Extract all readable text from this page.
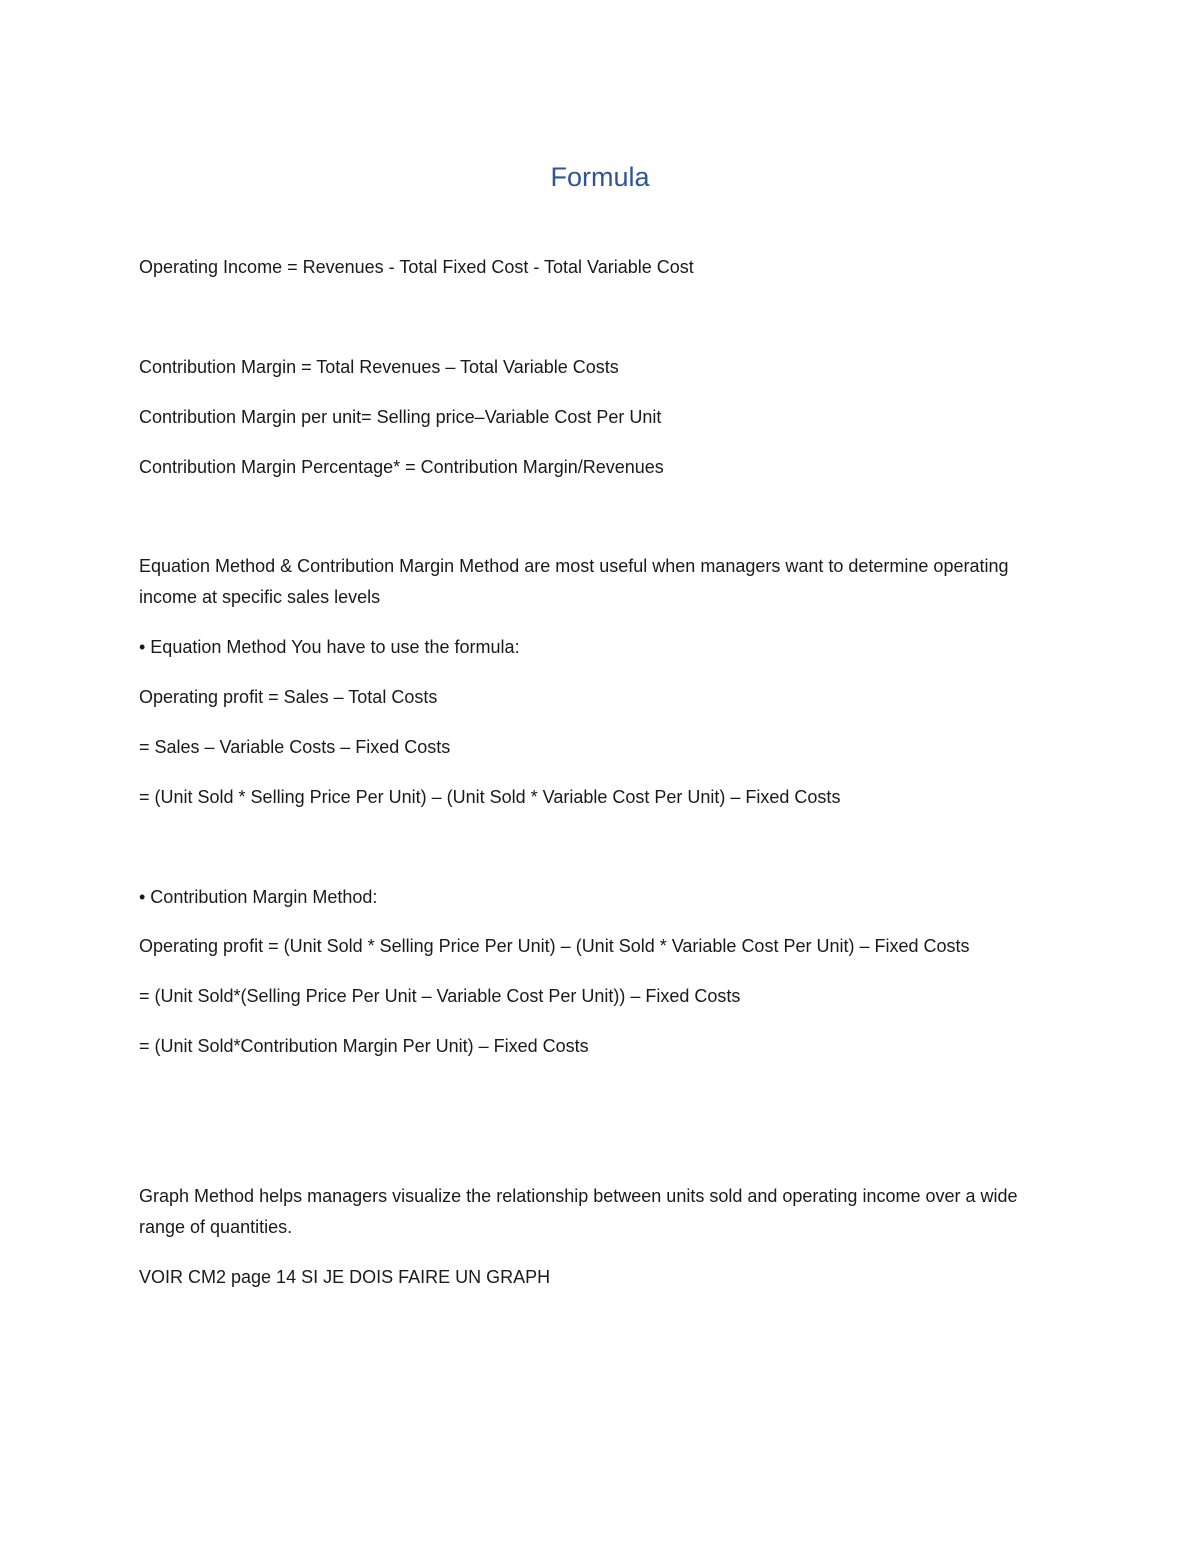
Formula
Operating Income = Revenues - Total Fixed Cost - Total Variable Cost
Contribution Margin = Total Revenues – Total Variable Costs
Contribution Margin per unit= Selling price–Variable Cost Per Unit
Contribution Margin Percentage* = Contribution Margin/Revenues
Equation Method & Contribution Margin Method are most useful when managers want to determine operating income at specific sales levels
• Equation Method You have to use the formula:
Operating profit = Sales – Total Costs
= Sales – Variable Costs – Fixed Costs
= (Unit Sold * Selling Price Per Unit) – (Unit Sold * Variable Cost Per Unit) – Fixed Costs
• Contribution Margin Method:
Operating profit = (Unit Sold * Selling Price Per Unit) – (Unit Sold * Variable Cost Per Unit) – Fixed Costs
= (Unit Sold*(Selling Price Per Unit – Variable Cost Per Unit)) – Fixed Costs
= (Unit Sold*Contribution Margin Per Unit) – Fixed Costs
Graph Method helps managers visualize the relationship between units sold and operating income over a wide range of quantities.
VOIR CM2 page 14 SI JE DOIS FAIRE UN GRAPH
